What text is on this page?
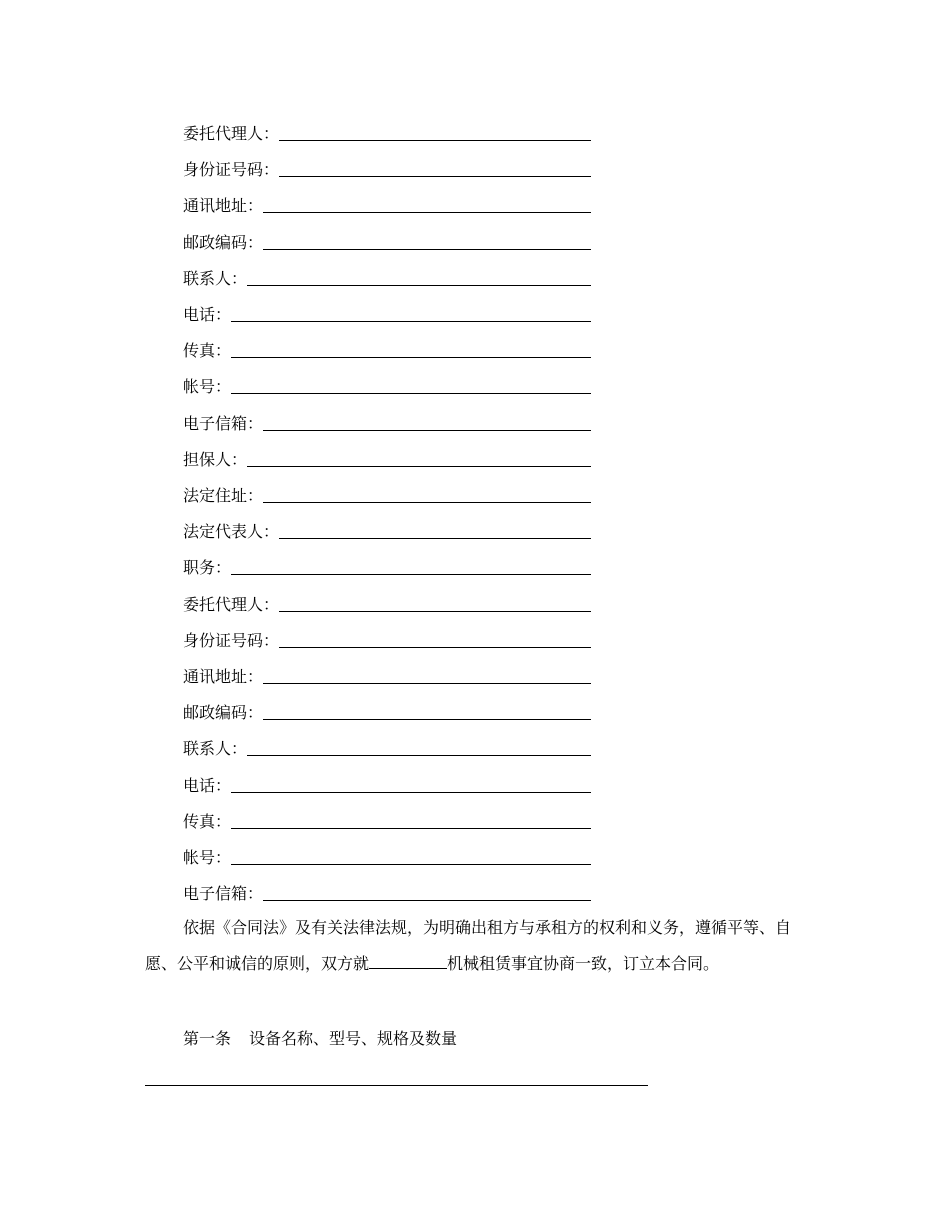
委托代理人：
身份证号码：
通讯地址：
邮政编码：
联系人：
电话：
传真：
帐号：
电子信箱：
担保人：
法定住址：
法定代表人：
职务：
委托代理人：
身份证号码：
通讯地址：
邮政编码：
联系人：
电话：
传真：
帐号：
电子信箱：

依据《合同法》及有关法律法规，为明确出租方与承租方的权利和义务，遵循平等、自愿、公平和诚信的原则，双方就	机械租赁事宜协商一致，订立本合同。

第一条 设备名称、型号、规格及数量
